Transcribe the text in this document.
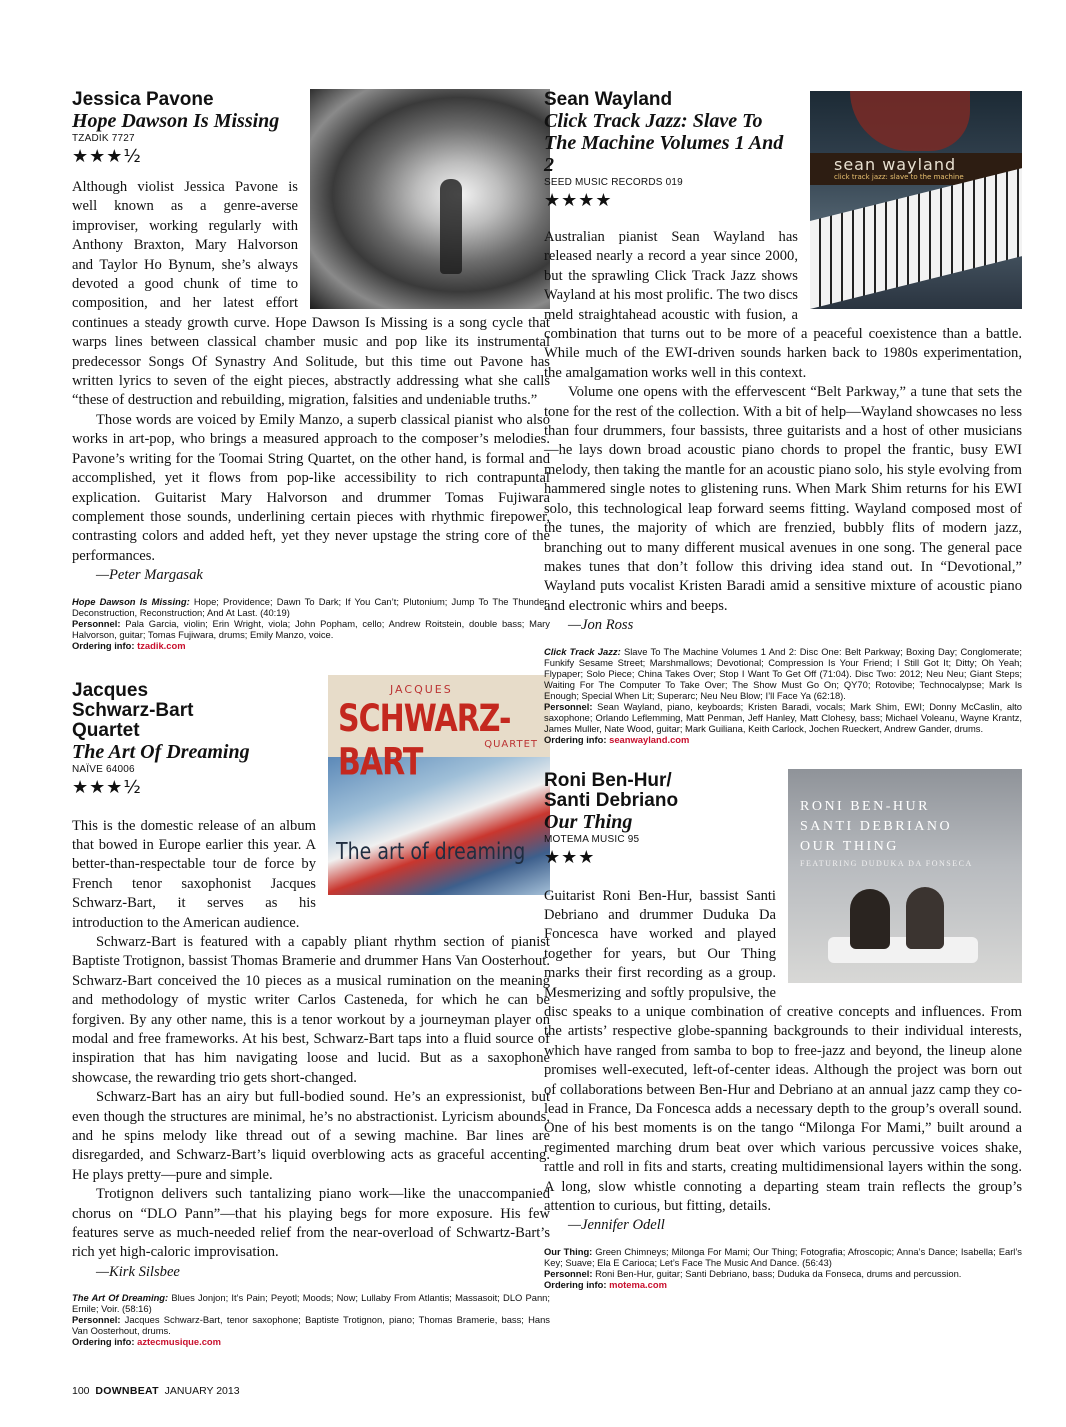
Jessica Pavone
Hope Dawson Is Missing
TZADIK 7727
★★★½

Although violist Jessica Pavone is well known as a genre-averse improviser, working regularly with Anthony Braxton, Mary Halvorson and Taylor Ho Bynum, she’s always devoted a good chunk of time to composition, and her latest effort continues a steady growth curve. Hope Dawson Is Missing is a song cycle that warps lines between classical chamber music and pop like its instrumental predecessor Songs Of Synastry And Solitude, but this time out Pavone has written lyrics to seven of the eight pieces, abstractly addressing what she calls “these of destruction and rebuilding, migration, falsities and undeniable truths.”

Those words are voiced by Emily Manzo, a superb classical pianist who also works in art-pop, who brings a measured approach to the composer’s melodies. Pavone’s writing for the Toomai String Quartet, on the other hand, is formal and accomplished, yet it flows from pop-like accessibility to rich contrapuntal explication. Guitarist Mary Halvorson and drummer Tomas Fujiwara complement those sounds, underlining certain pieces with rhythmic firepower, contrasting colors and added heft, yet they never upstage the string core of the performances.

—Peter Margasak

Hope Dawson Is Missing: Hope; Providence; Dawn To Dark; If You Can’t; Plutonium; Jump To The Thunder; Deconstruction, Reconstruction; And At Last. (40:19)
Personnel: Pala Garcia, violin; Erin Wright, viola; John Popham, cello; Andrew Roitstein, double bass; Mary Halvorson, guitar; Tomas Fujiwara, drums; Emily Manzo, voice.
Ordering info: tzadik.com
JACQUES
SCHWARZ-BART	QUARTET
The art of dreaming
Jacques Schwarz-Bart Quartet
The Art Of Dreaming
NAÏVE 64006
★★★½

This is the domestic release of an album that bowed in Europe earlier this year. A better-than-respectable tour de force by French tenor saxophonist Jacques Schwarz-Bart, it serves as his introduction to the American audience.

Schwarz-Bart is featured with a capably pliant rhythm section of pianist Baptiste Trotignon, bassist Thomas Bramerie and drummer Hans Van Oosterhout. Schwarz-Bart conceived the 10 pieces as a musical rumination on the meaning and methodology of mystic writer Carlos Casteneda, for which he can be forgiven. By any other name, this is a tenor workout by a journeyman player on modal and free frameworks. At his best, Schwarz-Bart taps into a fluid source of inspiration that has him navigating loose and lucid. But as a saxophone showcase, the rewarding trio gets short-changed.

Schwarz-Bart has an airy but full-bodied sound. He’s an expressionist, but even though the structures are minimal, he’s no abstractionist. Lyricism abounds, and he spins melody like thread out of a sewing machine. Bar lines are disregarded, and Schwarz-Bart’s liquid overblowing acts as graceful accenting. He plays pretty—pure and simple.

Trotignon delivers such tantalizing piano work—like the unaccompanied chorus on “DLO Pann”—that his playing begs for more exposure. His few features serve as much-needed relief from the near-overload of Schwartz-Bart’s rich yet high-caloric improvisation.

—Kirk Silsbee

The Art Of Dreaming: Blues Jonjon; It’s Pain; Peyotl; Moods; Now; Lullaby From Atlantis; Massasoit; DLO Pann; Ernile; Voir. (58:16)
Personnel: Jacques Schwarz-Bart, tenor saxophone; Baptiste Trotignon, piano; Thomas Bramerie, bass; Hans Van Oosterhout, drums.
Ordering info: aztecmusique.com
sean wayland
click track jazz: slave to the machine
Sean Wayland
Click Track Jazz: Slave To The Machine Volumes 1 And 2
SEED MUSIC RECORDS 019
★★★★

Australian pianist Sean Wayland has released nearly a record a year since 2000, but the sprawling Click Track Jazz shows Wayland at his most prolific. The two discs meld straightahead acoustic with fusion, a combination that turns out to be more of a peaceful coexistence than a battle. While much of the EWI-driven sounds harken back to 1980s experimentation, the amalgamation works well in this context.

Volume one opens with the effervescent “Belt Parkway,” a tune that sets the tone for the rest of the collection. With a bit of help—Wayland showcases no less than four drummers, four bassists, three guitarists and a host of other musicians—he lays down broad acoustic piano chords to propel the frantic, busy EWI melody, then taking the mantle for an acoustic piano solo, his style evolving from hammered single notes to glistening runs. When Mark Shim returns for his EWI solo, this technological leap forward seems fitting. Wayland composed most of the tunes, the majority of which are frenzied, bubbly flits of modern jazz, branching out to many different musical avenues in one song. The general pace makes tunes that don’t follow this driving idea stand out. In “Devotional,” Wayland puts vocalist Kristen Baradi amid a sensitive mixture of acoustic piano and electronic whirs and beeps.

—Jon Ross

Click Track Jazz: Slave To The Machine Volumes 1 And 2: Disc One: Belt Parkway; Boxing Day; Conglomerate; Funkify Sesame Street; Marshmallows; Devotional; Compression Is Your Friend; I Still Got It; Ditty; Oh Yeah; Flypaper; Solo Piece; China Takes Over; Stop I Want To Get Off (71:04). Disc Two: 2012; Neu Neu; Giant Steps; Waiting For The Computer To Take Over; The Show Must Go On; QY70; Rotovibe; Technocalypse; Mark Is Enough; Special When Lit; Superarc; Neu Neu Blow; I’ll Face Ya (62:18).
Personnel: Sean Wayland, piano, keyboards; Kristen Baradi, vocals; Mark Shim, EWI; Donny McCaslin, alto saxophone; Orlando Leflemming, Matt Penman, Jeff Hanley, Matt Clohesy, bass; Michael Voleanu, Wayne Krantz, James Muller, Nate Wood, guitar; Mark Guiliana, Keith Carlock, Jochen Rueckert, Andrew Gander, drums.
Ordering info: seanwayland.com
RONI BEN-HUR
SANTI DEBRIANO
OUR THING
FEATURING DUDUKA DA FONSECA
Roni Ben-Hur/ Santi Debriano
Our Thing
MOTEMA MUSIC 95
★★★

Guitarist Roni Ben-Hur, bassist Santi Debriano and drummer Duduka Da Foncesca have worked and played together for years, but Our Thing marks their first recording as a group. Mesmerizing and softly propulsive, the disc speaks to a unique combination of creative concepts and influences. From the artists’ respective globe-spanning backgrounds to their individual interests, which have ranged from samba to bop to free-jazz and beyond, the lineup alone promises well-executed, left-of-center ideas. Although the project was born out of collaborations between Ben-Hur and Debriano at an annual jazz camp they co-lead in France, Da Foncesca adds a necessary depth to the group’s overall sound. One of his best moments is on the tango “Milonga For Mami,” built around a regimented marching drum beat over which various percussive voices shake, rattle and roll in fits and starts, creating multidimensional layers within the song. A long, slow whistle connoting a departing steam train reflects the group’s attention to curious, but fitting, details.

—Jennifer Odell

Our Thing: Green Chimneys; Milonga For Mami; Our Thing; Fotografia; Afroscopic; Anna’s Dance; Isabella; Earl’s Key; Suave; Ela E Carioca; Let’s Face The Music And Dance. (56:43)
Personnel: Roni Ben-Hur, guitar; Santi Debriano, bass; Duduka da Fonseca, drums and percussion.
Ordering info: motema.com
100 DOWNBEAT JANUARY 2013
